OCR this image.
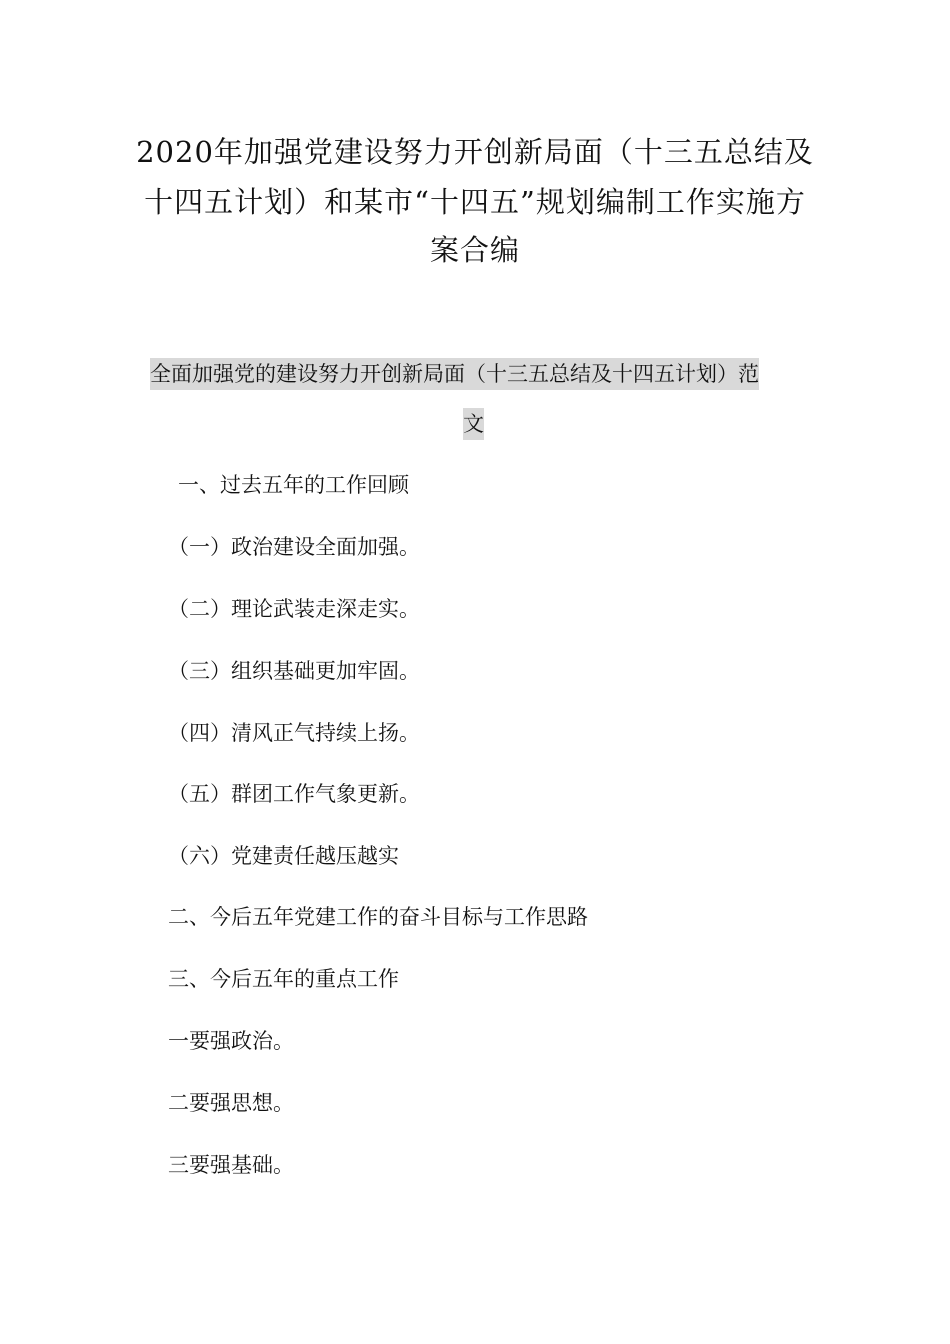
2020年加强党建设努力开创新局面（十三五总结及
十四五计划）和某市“十四五”规划编制工作实施方
案合编
全面加强党的建设努力开创新局面（十三五总结及十四五计划）范
文
一、过去五年的工作回顾
（一）政治建设全面加强。
（二）理论武装走深走实。
（三）组织基础更加牢固。
（四）清风正气持续上扬。
（五）群团工作气象更新。
（六）党建责任越压越实
二、今后五年党建工作的奋斗目标与工作思路
三、今后五年的重点工作
一要强政治。
二要强思想。
三要强基础。
